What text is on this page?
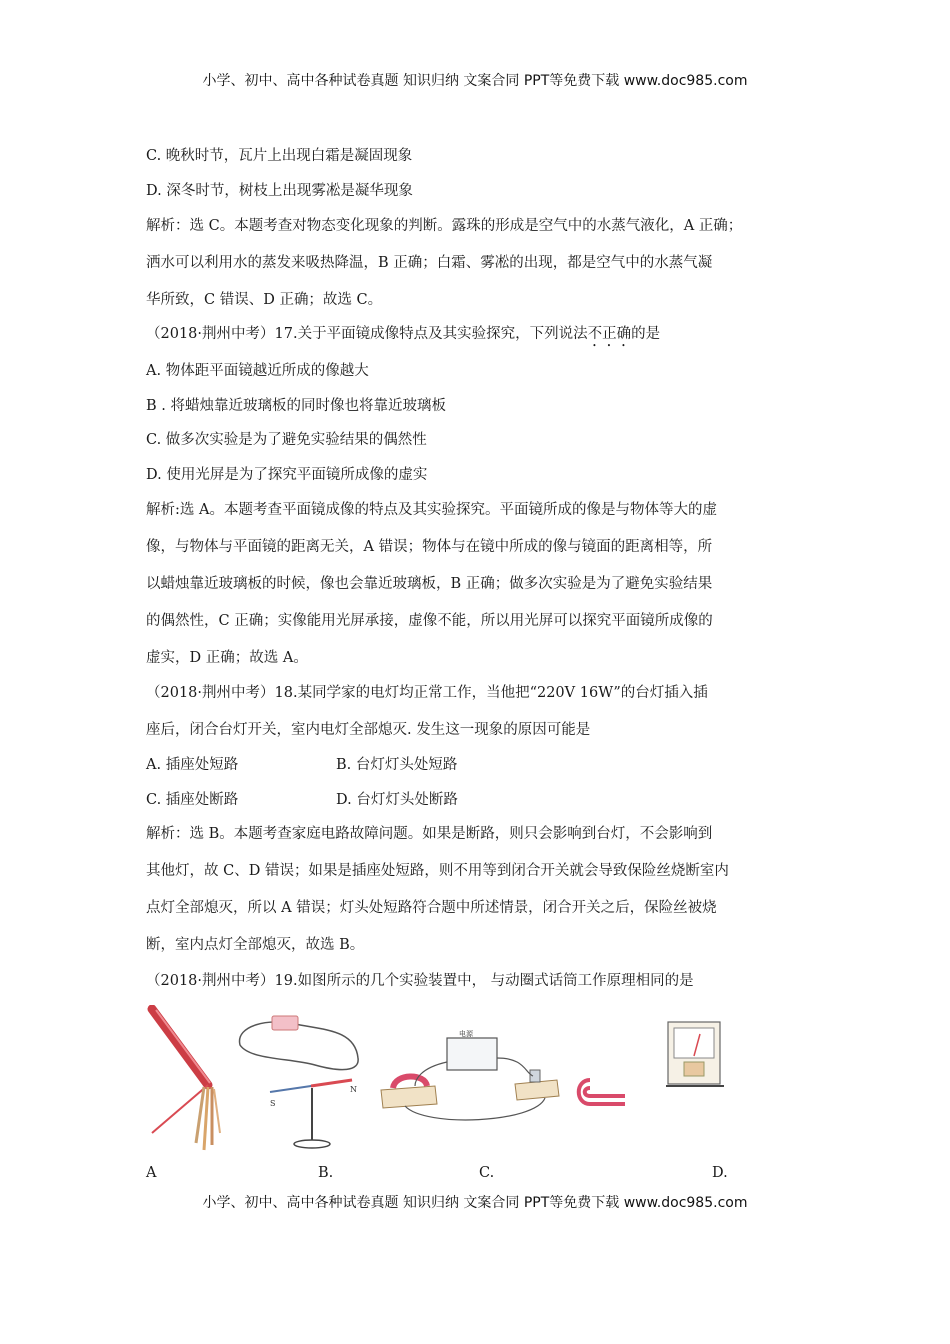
小学、初中、高中各种试卷真题 知识归纳 文案合同 PPT等免费下载 www.doc985.com
C. 晚秋时节，瓦片上出现白霜是凝固现象
D. 深冬时节，树枝上出现雾凇是凝华现象
解析：选 C。本题考查对物态变化现象的判断。露珠的形成是空气中的水蒸气液化，A 正确；
洒水可以利用水的蒸发来吸热降温，B 正确；白霜、雾凇的出现，都是空气中的水蒸气凝
华所致，C 错误、D 正确；故选 C。
（2018·荆州中考）17.关于平面镜成像特点及其实验探究，下列说法不正确的是
A. 物体距平面镜越近所成的像越大
B . 将蜡烛靠近玻璃板的同时像也将靠近玻璃板
C. 做多次实验是为了避免实验结果的偶然性
D. 使用光屏是为了探究平面镜所成像的虚实
解析:选 A。本题考查平面镜成像的特点及其实验探究。平面镜所成的像是与物体等大的虚
像，与物体与平面镜的距离无关，A 错误；物体与在镜中所成的像与镜面的距离相等，所
以蜡烛靠近玻璃板的时候，像也会靠近玻璃板，B 正确；做多次实验是为了避免实验结果
的偶然性，C 正确；实像能用光屏承接，虚像不能，所以用光屏可以探究平面镜所成像的
虚实，D 正确；故选 A。
（2018·荆州中考）18.某同学家的电灯均正常工作，当他把“220V 16W”的台灯插入插
座后，闭合台灯开关，室内电灯全部熄灭. 发生这一现象的原因可能是
A. 插座处短路	B. 台灯灯头处短路
C. 插座处断路	D. 台灯灯头处断路
解析：选 B。本题考查家庭电路故障问题。如果是断路，则只会影响到台灯，不会影响到
其他灯，故 C、D 错误；如果是插座处短路，则不用等到闭合开关就会导致保险丝烧断室内
点灯全部熄灭，所以 A 错误；灯头处短路符合题中所述情景，闭合开关之后，保险丝被烧
断，室内点灯全部熄灭，故选 B。
（2018·荆州中考）19.如图所示的几个实验装置中， 与动圈式话筒工作原理相同的是
S
N
电源
A	B.	C.	D.
小学、初中、高中各种试卷真题 知识归纳 文案合同 PPT等免费下载 www.doc985.com
